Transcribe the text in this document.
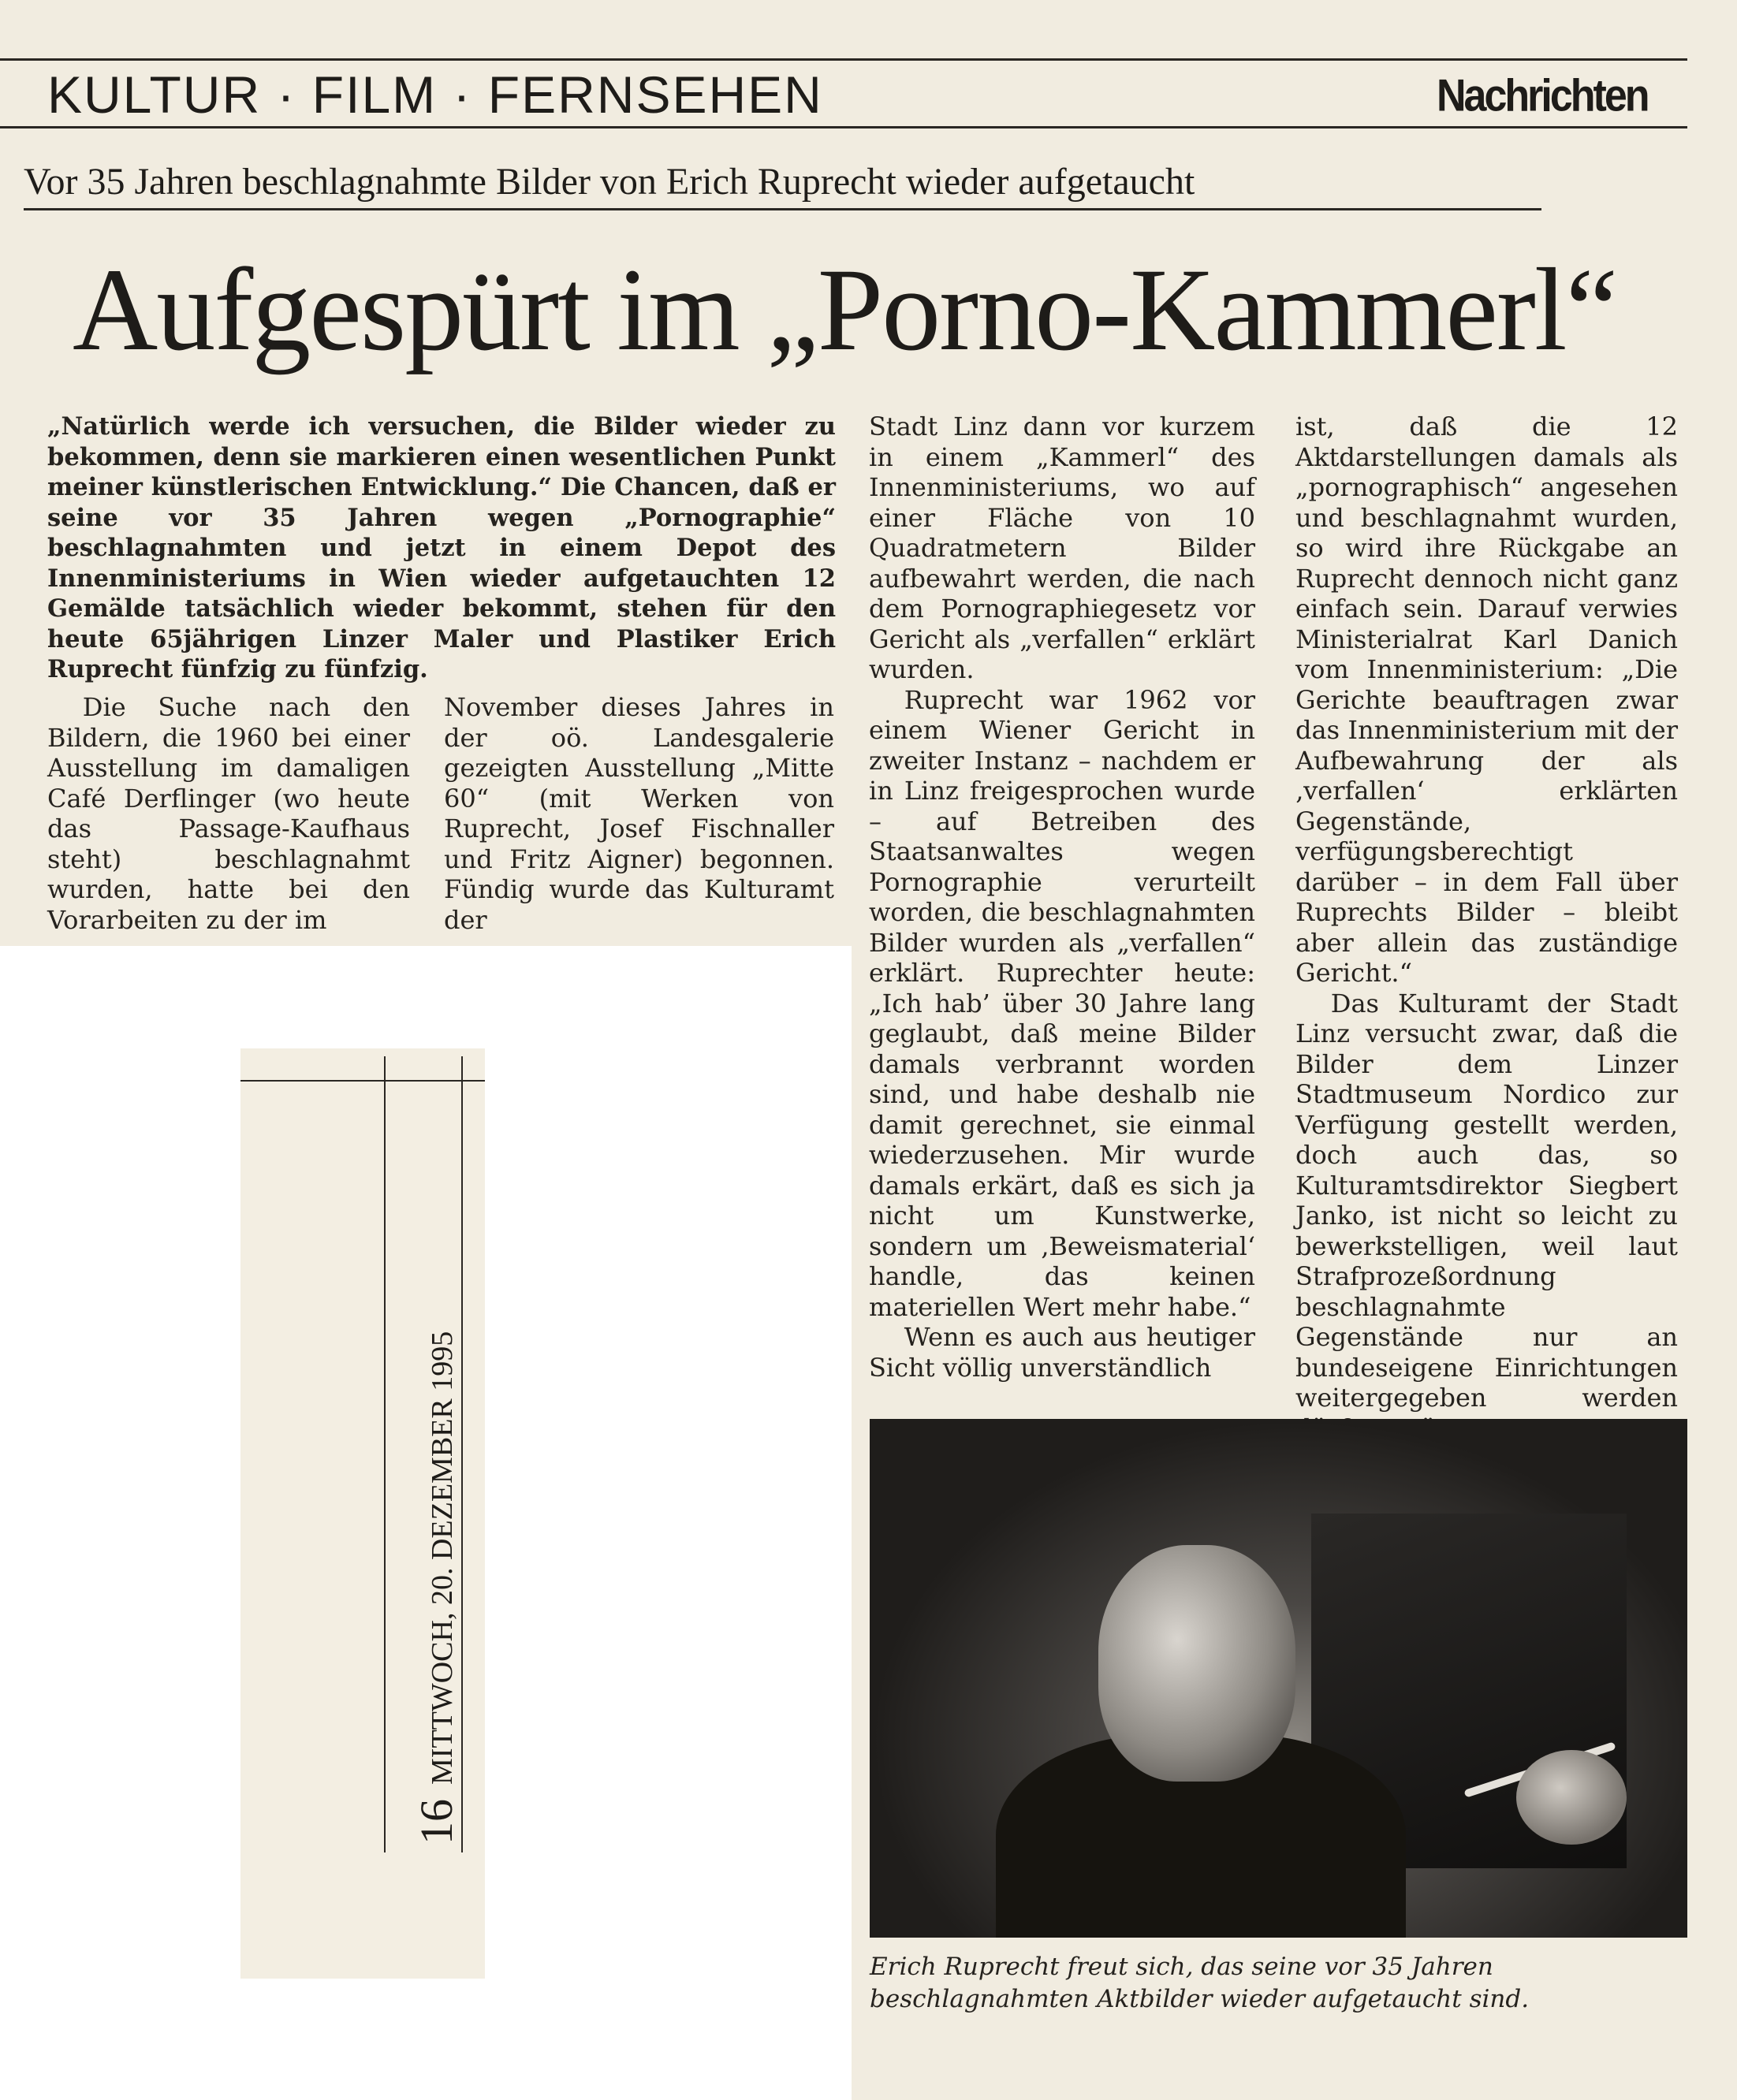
KULTUR · FILM · FERNSEHEN	Nachrichten
Vor 35 Jahren beschlagnahmte Bilder von Erich Ruprecht wieder aufgetaucht
Aufgespürt im „Porno-Kammerl“

„Natürlich werde ich versuchen, die Bilder wieder zu bekommen, denn sie markieren einen wesentlichen Punkt meiner künstlerischen Entwicklung.“ Die Chancen, daß er seine vor 35 Jahren wegen „Pornographie“ beschlagnahmten und jetzt in einem Depot des Innenministeriums in Wien wieder aufgetauchten 12 Gemälde tatsächlich wieder bekommt, stehen für den heute 65jährigen Linzer Maler und Plastiker Erich Ruprecht fünfzig zu fünfzig.

Die Suche nach den Bildern, die 1960 bei einer Ausstellung im damaligen Café Derflinger (wo heute das Passage-Kaufhaus steht) beschlagnahmt wurden, hatte bei den Vorarbeiten zu der im

November dieses Jahres in der oö. Landesgalerie gezeigten Ausstellung „Mitte 60“ (mit Werken von Ruprecht, Josef Fischnaller und Fritz Aigner) begonnen. Fündig wurde das Kulturamt der

Stadt Linz dann vor kurzem in einem „Kammerl“ des Innenministeriums, wo auf einer Fläche von 10 Quadratmetern Bilder aufbewahrt werden, die nach dem Pornographiegesetz vor Gericht als „verfallen“ erklärt wurden.

Ruprecht war 1962 vor einem Wiener Gericht in zweiter Instanz – nachdem er in Linz freigesprochen wurde – auf Betreiben des Staatsanwaltes wegen Pornographie verurteilt worden, die beschlagnahmten Bilder wurden als „verfallen“ erklärt. Ruprechter heute: „Ich hab’ über 30 Jahre lang geglaubt, daß meine Bilder damals verbrannt worden sind, und habe deshalb nie damit gerechnet, sie einmal wiederzusehen. Mir wurde damals erkärt, daß es sich ja nicht um Kunstwerke, sondern um ‚Beweismaterial‘ handle, das keinen materiellen Wert mehr habe.“

Wenn es auch aus heutiger Sicht völlig unverständlich

ist, daß die 12 Aktdarstellungen damals als „pornographisch“ angesehen und beschlagnahmt wurden, so wird ihre Rückgabe an Ruprecht dennoch nicht ganz einfach sein. Darauf verwies Ministerialrat Karl Danich vom Innenministerium: „Die Gerichte beauftragen zwar das Innenministerium mit der Aufbewahrung der als ‚verfallen‘ erklärten Gegenstände, verfügungsberechtigt darüber – in dem Fall über Ruprechts Bilder – bleibt aber allein das zuständige Gericht.“

Das Kulturamt der Stadt Linz versucht zwar, daß die Bilder dem Linzer Stadtmuseum Nordico zur Verfügung gestellt werden, doch auch das, so Kulturamtsdirektor Siegbert Janko, ist nicht so leicht zu bewerkstelligen, weil laut Strafprozeßordnung beschlagnahmte Gegenstände nur an bundeseigene Einrichtungen weitergegeben werden

Erich Ruprecht freut sich, das seine vor 35 Jahren beschlagnahmten Aktbilder wieder aufgetaucht sind.
16MITTWOCH, 20. DEZEMBER 1995
